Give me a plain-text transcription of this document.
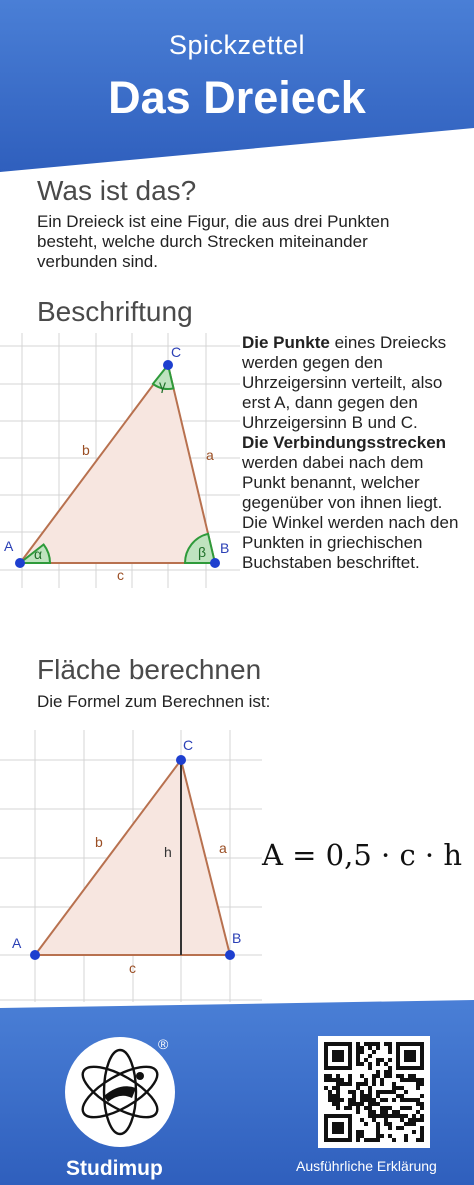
Spickzettel
Das Dreieck
Was ist das?
Ein Dreieck ist eine Figur, die aus drei Punkten besteht, welche durch Strecken miteinander verbunden sind.
Beschriftung
A	B
C
a
b
c
α	β
γ
Die Punkte eines Dreiecks werden gegen den Uhrzeigersinn verteilt, also erst A, dann gegen den Uhrzeigersinn B und C.
Die Verbindungsstrecken werden dabei nach dem Punkt benannt, welcher gegenüber von ihnen liegt. Die Winkel werden nach den Punkten in griechischen Buchstaben beschriftet.
Fläche berechnen
Die Formel zum Berechnen ist:
A	B
C
a
b
c
h	A = 0,5 · c · h
®
Studimup	Ausführliche Erklärung
